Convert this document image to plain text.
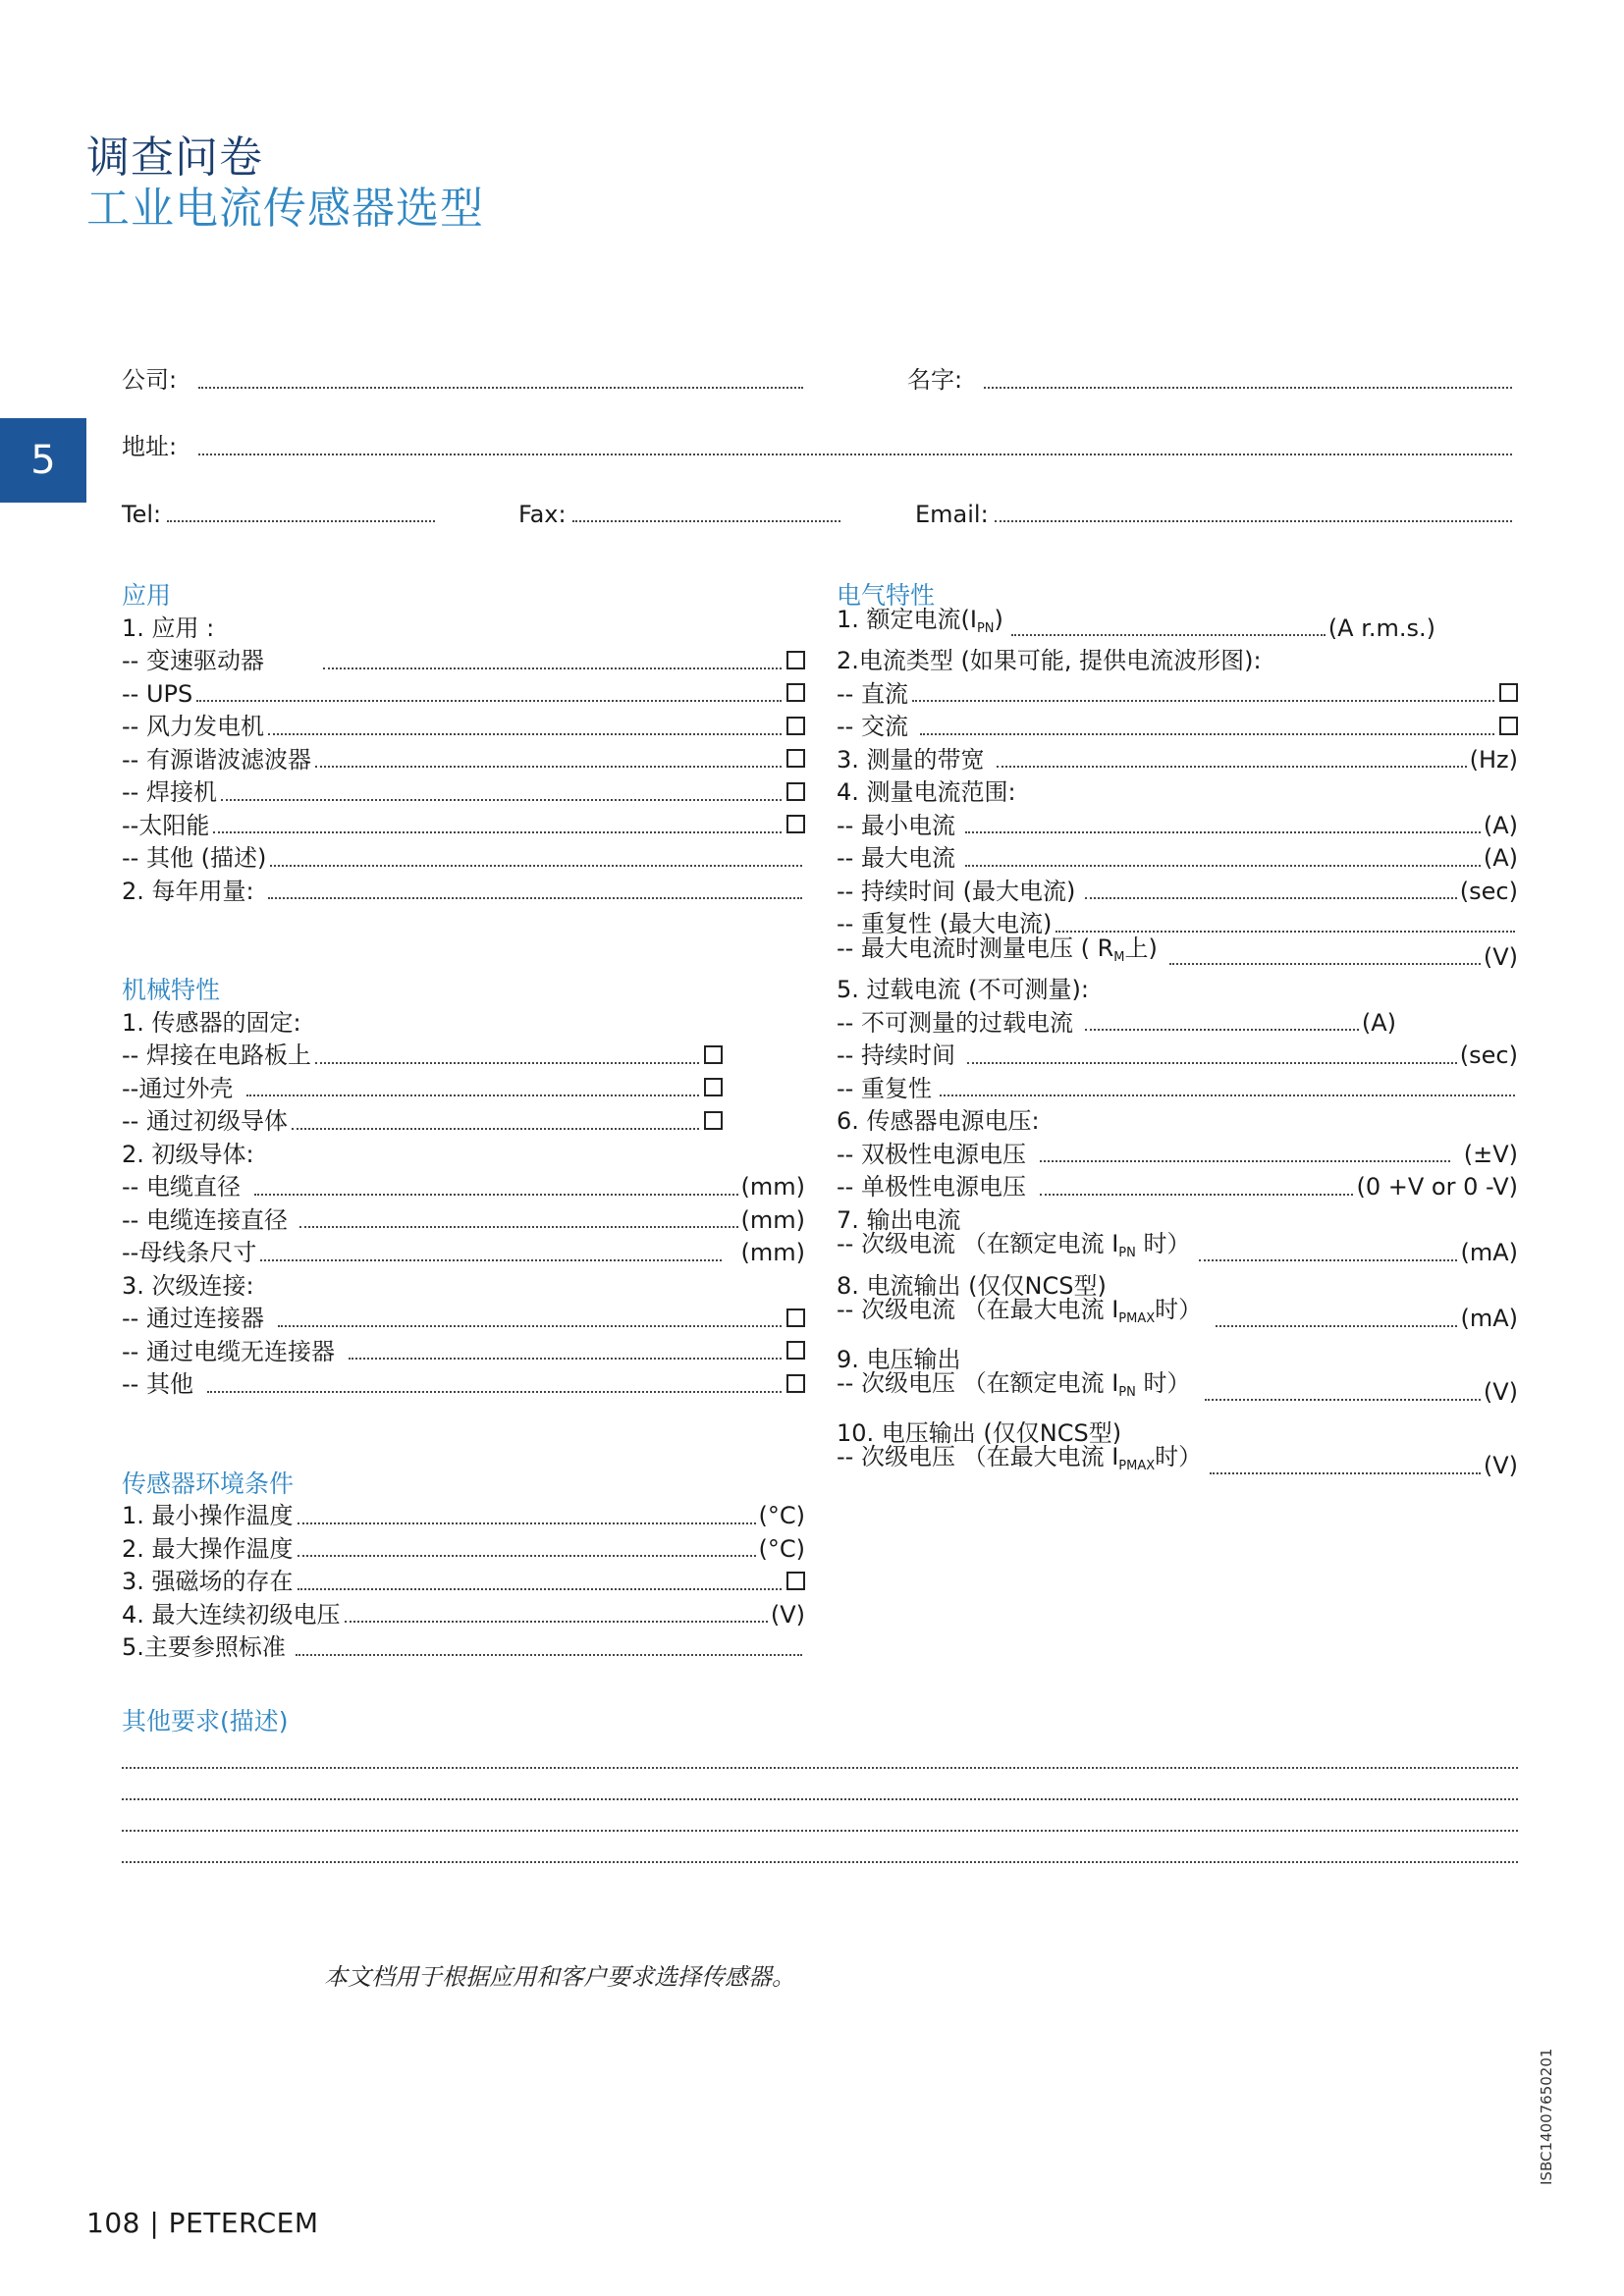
调查问卷
工业电流传感器选型
5
公司:	名字:
地址:
Tel:	Fax:	Email:
应用
1. 应用 :
-- 变速驱动器
-- UPS
-- 风力发电机
-- 有源谐波滤波器
-- 焊接机
--太阳能
-- 其他 (描述)
2. 每年用量:
机械特性
1. 传感器的固定:
-- 焊接在电路板上
--通过外壳
-- 通过初级导体
2. 初级导体:
-- 电缆直径	(mm)
-- 电缆连接直径	(mm)
--母线条尺寸	(mm)
3. 次级连接:
-- 通过连接器
-- 通过电缆无连接器
-- 其他
传感器环境条件
1. 最小操作温度	(°C)
2. 最大操作温度	(°C)
3. 强磁场的存在
4. 最大连续初级电压	(V)
5.主要参照标准
电气特性
1. 额定电流$(I_{PN})$	(A r.m.s.)
2.电流类型 (如果可能, 提供电流波形图):
-- 直流
-- 交流
3. 测量的带宽	(Hz)
4. 测量电流范围:
-- 最小电流	(A)
-- 最大电流	(A)
-- 持续时间 (最大电流)	(sec)
-- 重复性 (最大电流)
-- 最大电流时测量电压 ( $R_M$上)	(V)
5. 过载电流 (不可测量):
-- 不可测量的过载电流	(A)
-- 持续时间	(sec)
-- 重复性
6. 传感器电源电压:
-- 双极性电源电压	(±V)
-- 单极性电源电压	(0 +V or 0 -V)
7. 输出电流
-- 次级电流 （在额定电流 $I_{PN}$ 时）	(mA)
8. 电流输出 (仅仅NCS型)
-- 次级电流 （在最大电流 $I_{PMAX}$时）	(mA)
9. 电压输出
-- 次级电压 （在额定电流 $I_{PN}$ 时）	(V)
10. 电压输出 (仅仅NCS型)
-- 次级电压 （在最大电流 $I_{PMAX}$时）	(V)
其他要求(描述)
本文档用于根据应用和客户要求选择传感器。
ISBC14007650201
108 | PETERCEM
